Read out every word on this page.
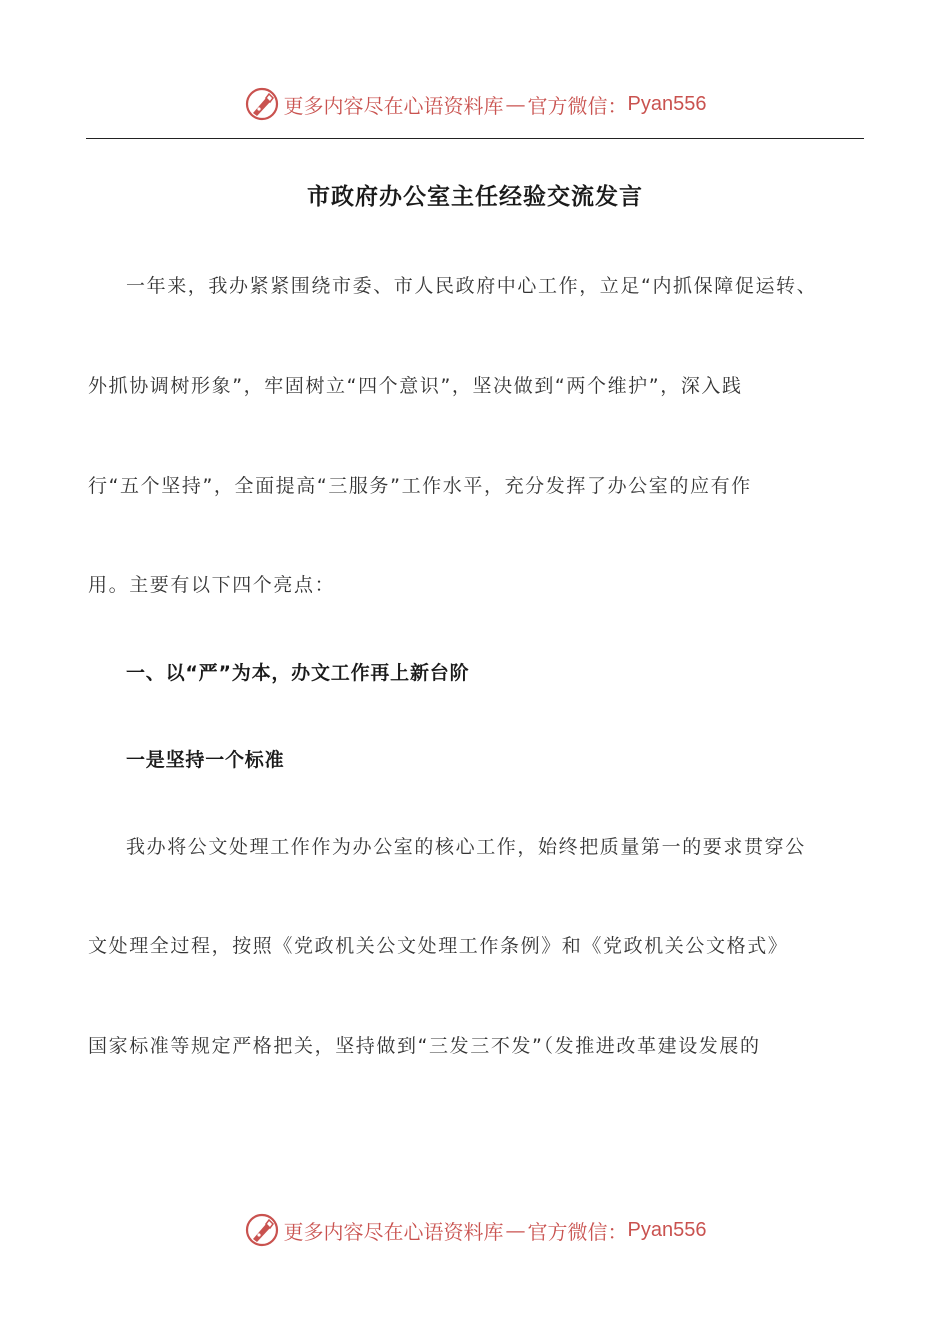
更多内容尽在心语资料库 — 官方微信： Pyan556
市政府办公室主任经验交流发言

一年来，我办紧紧围绕市委、市人民政府中心工作，立足“内抓保障促运转、

外抓协调树形象”，牢固树立“四个意识”，坚决做到“两个维护”，深入践

行“五个坚持”，全面提高“三服务”工作水平，充分发挥了办公室的应有作

用。主要有以下四个亮点：

一、以“严”为本，办文工作再上新台阶

一是坚持一个标准

我办将公文处理工作作为办公室的核心工作，始终把质量第一的要求贯穿公

文处理全过程，按照《党政机关公文处理工作条例》和《党政机关公文格式》

国家标准等规定严格把关，坚持做到“三发三不发”（发推进改革建设发展的

更多内容尽在心语资料库 — 官方微信： Pyan556
